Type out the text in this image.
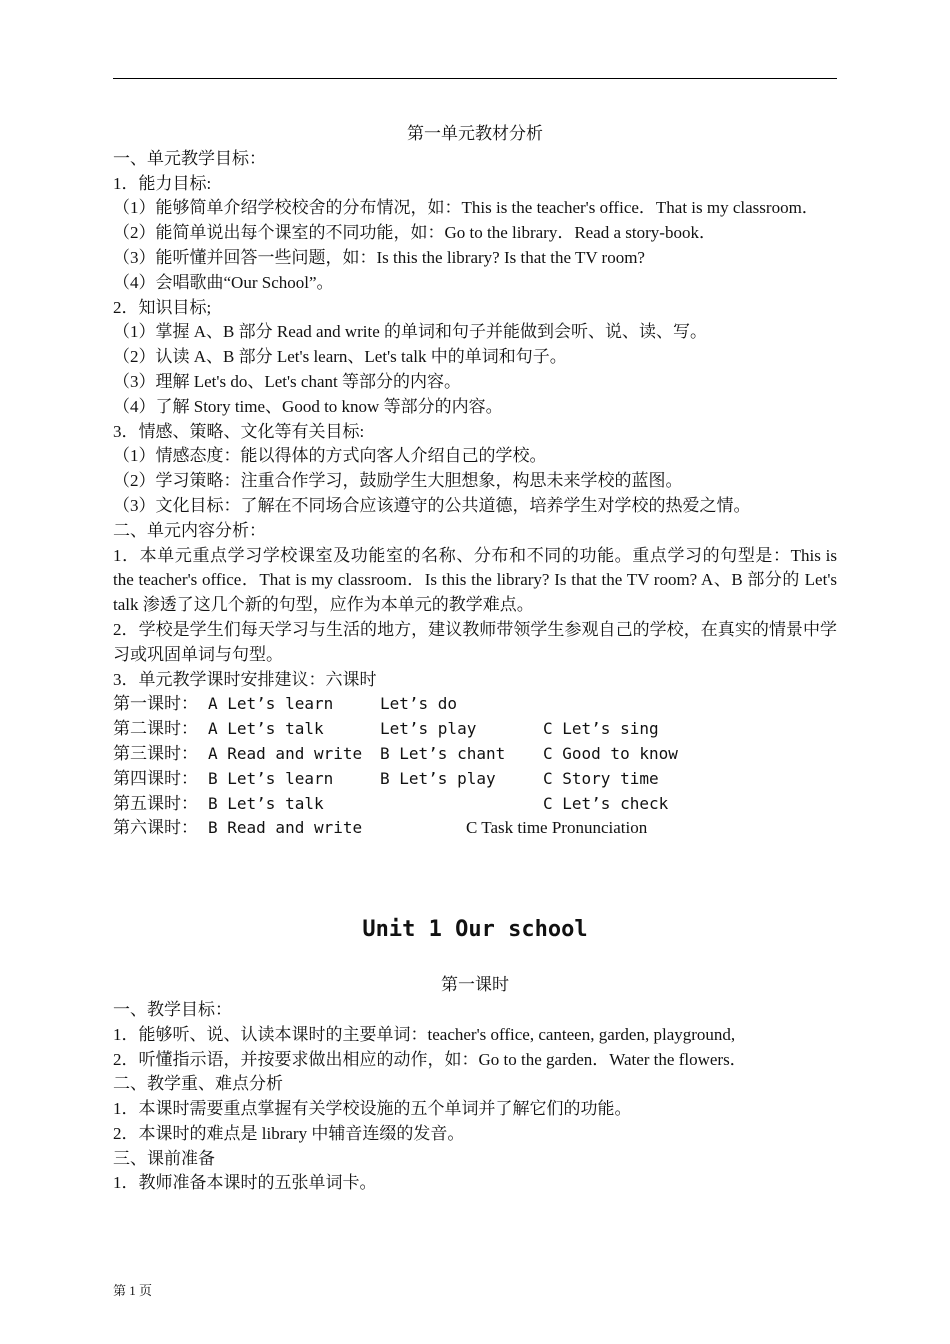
第一单元教材分析
一、单元教学目标：
1．能力目标:
（1）能够简单介绍学校校舍的分布情况，如：This is the teacher's office．That is my classroom．
（2）能简单说出每个课室的不同功能，如：Go to the library．Read a story-book．
（3）能听懂并回答一些问题，如：Is this the library? Is that the TV room?
（4）会唱歌曲“Our School”。
2．知识目标;
（1）掌握 A、B 部分 Read and write 的单词和句子并能做到会听、说、读、写。
（2）认读 A、B 部分 Let's learn、Let's talk 中的单词和句子。
（3）理解 Let's do、Let's chant 等部分的内容。
（4）了解 Story time、Good to know 等部分的内容。
3．情感、策略、文化等有关目标:
（1）情感态度：能以得体的方式向客人介绍自己的学校。
（2）学习策略：注重合作学习，鼓励学生大胆想象，构思未来学校的蓝图。
（3）文化目标：了解在不同场合应该遵守的公共道德，培养学生对学校的热爱之情。
二、单元内容分析：
1．本单元重点学习学校课室及功能室的名称、分布和不同的功能。重点学习的句型是：This is the teacher's office．That is my classroom．Is this the library? Is that the TV room? A、B 部分的 Let's talk 渗透了这几个新的句型，应作为本单元的教学难点。
2．学校是学生们每天学习与生活的地方，建议教师带领学生参观自己的学校，在真实的情景中学习或巩固单词与句型。
3．单元教学课时安排建议：六课时
第一课时： A Let’s learn	Let’s do
第二课时： A Let’s talk	Let’s play	C Let’s sing
第三课时： A Read and write B Let’s chant C Good to know
第四课时： B Let’s learn	B Let’s play	C Story time
第五课时： B Let’s talk	C Let’s check
第六课时： B Read and write	C Task time Pronunciation
Unit 1 Our school
第一课时
一、教学目标：
1．能够听、说、认读本课时的主要单词：teacher's office, canteen, garden, playground,
2．听懂指示语，并按要求做出相应的动作，如：Go to the garden．Water the flowers．
二、教学重、难点分析
1．本课时需要重点掌握有关学校设施的五个单词并了解它们的功能。
2．本课时的难点是 library 中辅音连缀的发音。
三、课前准备
1．教师准备本课时的五张单词卡。
第 1 页
